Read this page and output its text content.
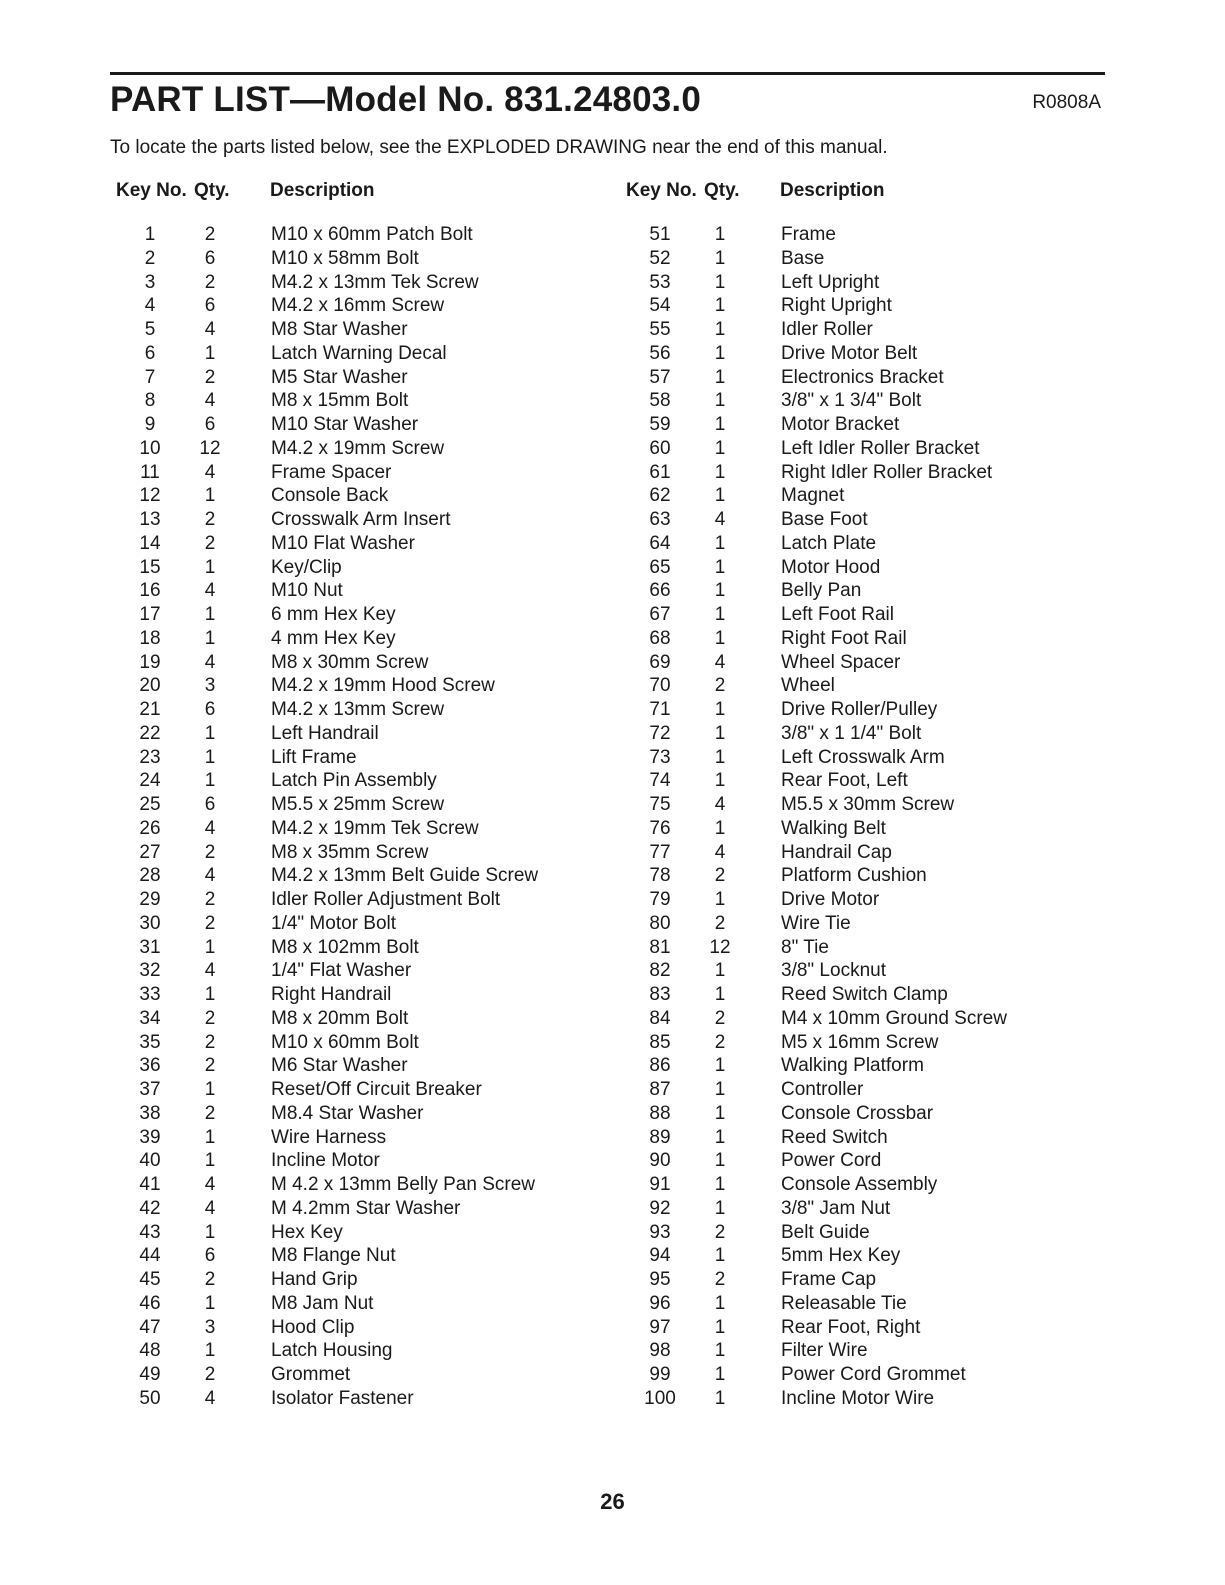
PART LIST—Model No. 831.24803.0	R0808A
To locate the parts listed below, see the EXPLODED DRAWING near the end of this manual.
Key No. Qty. Description
1	2	M10 x 60mm Patch Bolt
2	6	M10 x 58mm Bolt
3	2	M4.2 x 13mm Tek Screw
4	6	M4.2 x 16mm Screw
5	4	M8 Star Washer
6	1	Latch Warning Decal
7	2	M5 Star Washer
8	4	M8 x 15mm Bolt
9	6	M10 Star Washer
10	12	M4.2 x 19mm Screw
11	4	Frame Spacer
12	1	Console Back
13	2	Crosswalk Arm Insert
14	2	M10 Flat Washer
15	1	Key/Clip
16	4	M10 Nut
17	1	6 mm Hex Key
18	1	4 mm Hex Key
19	4	M8 x 30mm Screw
20	3	M4.2 x 19mm Hood Screw
21	6	M4.2 x 13mm Screw
22	1	Left Handrail
23	1	Lift Frame
24	1	Latch Pin Assembly
25	6	M5.5 x 25mm Screw
26	4	M4.2 x 19mm Tek Screw
27	2	M8 x 35mm Screw
28	4	M4.2 x 13mm Belt Guide Screw
29	2	Idler Roller Adjustment Bolt
30	2	1/4" Motor Bolt
31	1	M8 x 102mm Bolt
32	4	1/4" Flat Washer
33	1	Right Handrail
34	2	M8 x 20mm Bolt
35	2	M10 x 60mm Bolt
36	2	M6 Star Washer
37	1	Reset/Off Circuit Breaker
38	2	M8.4 Star Washer
39	1	Wire Harness
40	1	Incline Motor
41	4	M 4.2 x 13mm Belly Pan Screw
42	4	M 4.2mm Star Washer
43	1	Hex Key
44	6	M8 Flange Nut
45	2	Hand Grip
46	1	M8 Jam Nut
47	3	Hood Clip
48	1	Latch Housing
49	2	Grommet
50	4	Isolator Fastener
Key No. Qty. Description
51	1	Frame
52	1	Base
53	1	Left Upright
54	1	Right Upright
55	1	Idler Roller
56	1	Drive Motor Belt
57	1	Electronics Bracket
58	1	3/8" x 1 3/4" Bolt
59	1	Motor Bracket
60	1	Left Idler Roller Bracket
61	1	Right Idler Roller Bracket
62	1	Magnet
63	4	Base Foot
64	1	Latch Plate
65	1	Motor Hood
66	1	Belly Pan
67	1	Left Foot Rail
68	1	Right Foot Rail
69	4	Wheel Spacer
70	2	Wheel
71	1	Drive Roller/Pulley
72	1	3/8" x 1 1/4" Bolt
73	1	Left Crosswalk Arm
74	1	Rear Foot, Left
75	4	M5.5 x 30mm Screw
76	1	Walking Belt
77	4	Handrail Cap
78	2	Platform Cushion
79	1	Drive Motor
80	2	Wire Tie
81	12	8" Tie
82	1	3/8" Locknut
83	1	Reed Switch Clamp
84	2	M4 x 10mm Ground Screw
85	2	M5 x 16mm Screw
86	1	Walking Platform
87	1	Controller
88	1	Console Crossbar
89	1	Reed Switch
90	1	Power Cord
91	1	Console Assembly
92	1	3/8" Jam Nut
93	2	Belt Guide
94	1	5mm Hex Key
95	2	Frame Cap
96	1	Releasable Tie
97	1	Rear Foot, Right
98	1	Filter Wire
99	1	Power Cord Grommet
100	1	Incline Motor Wire
26
